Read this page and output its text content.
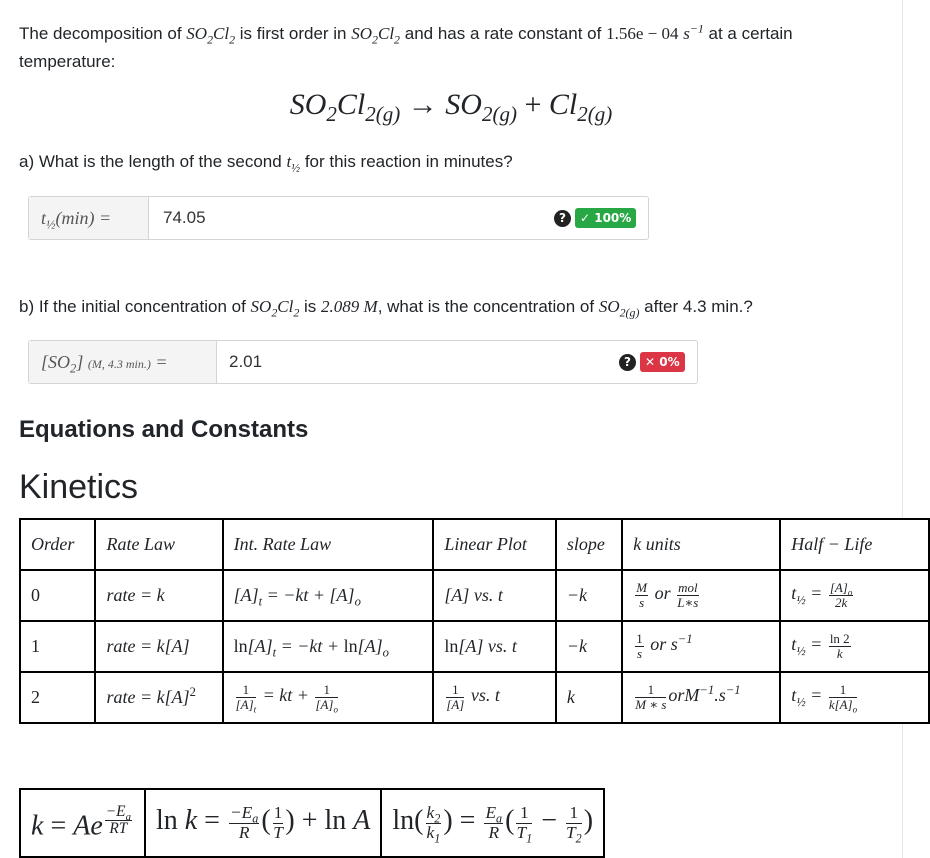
The decomposition of $SO_2Cl_2$ is first order in $SO_2Cl_2$ and has a rate constant of 1.56e − 04 $s^{-1}$ at a certain temperature:
$SO_2Cl_{2(g)} \to SO_{2(g)} + Cl_{2(g)}$
a) What is the length of the second $t_{\frac{1}{2}}$ for this reaction in minutes?
$t_{\frac{1}{2}}(\min)$ =	74.05	?	✓ 100%
b) If the initial concentration of $SO_2Cl_2$ is 2.089 M, what is the concentration of $SO_{2(g)}$ after 4.3 min.?
$[SO_2]$ (M, 4.3 min.) =	2.01	?	✕ 0%
Equations and Constants
Kinetics
Order	Rate Law	Int. Rate Law	Linear Plot	slope	k units	Half − Life
0	rate = k	$[A]_t = -kt + [A]_o$	[A] vs. t	−k	$\frac{M}{s}$ or $\frac{\text{mol}}{L∗s}$	$t_{\frac{1}{2}} = \frac{[A]_o}{2k}$

1	rate = k[A]	$\ln[A]_t = -kt + \ln[A]_o$	ln[A] vs. t	−k	$\frac{1}{s}$ or $s^{-1}$	$t_{\frac{1}{2}} = \frac{\ln 2}{k}$

2	rate = $k[A]^2$	$\frac{1}{[A]_t}$ = kt + $\frac{1}{[A]_o}$	$\frac{1}{[A]}$ vs. t	k	$\frac{1}{M ∗ s} orM^{-1}.s^{-1}$	$t_{\frac{1}{2}} = \frac{1}{k[A]_o}$
k = Ae $^{\frac{-E_a}{RT}}$	$\ln k = \frac{-E_a}{R}$ ( $\frac{1}{T}$ ) + ln A	$\ln( \frac{k_2}{k_1}$ ) = $\frac{E_a}{R}$ ( $\frac{1}{T_1} - \frac{1}{T_2}$ )
